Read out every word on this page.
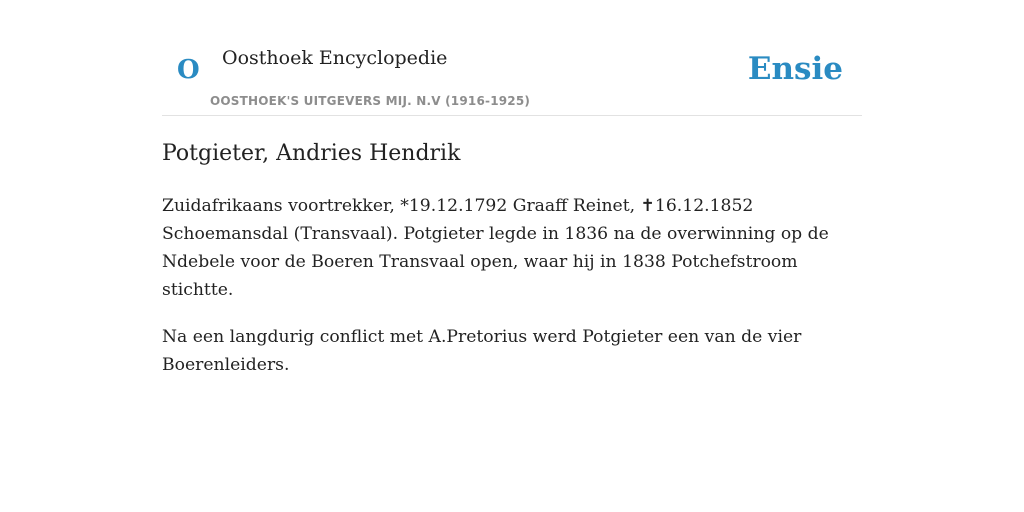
O Oosthoek Encyclopedie
OOSTHOEK'S UITGEVERS MIJ. N.V (1916-1925)
Ensie
Potgieter, Andries Hendrik

Zuidafrikaans voortrekker, *19.12.1792 Graaff Reinet, ✝16.12.1852 Schoemansdal (Transvaal). Potgieter legde in 1836 na de overwinning op de Ndebele voor de Boeren Transvaal open, waar hij in 1838 Potchefstroom stichtte.

Na een langdurig conflict met A.Pretorius werd Potgieter een van de vier Boerenleiders.
